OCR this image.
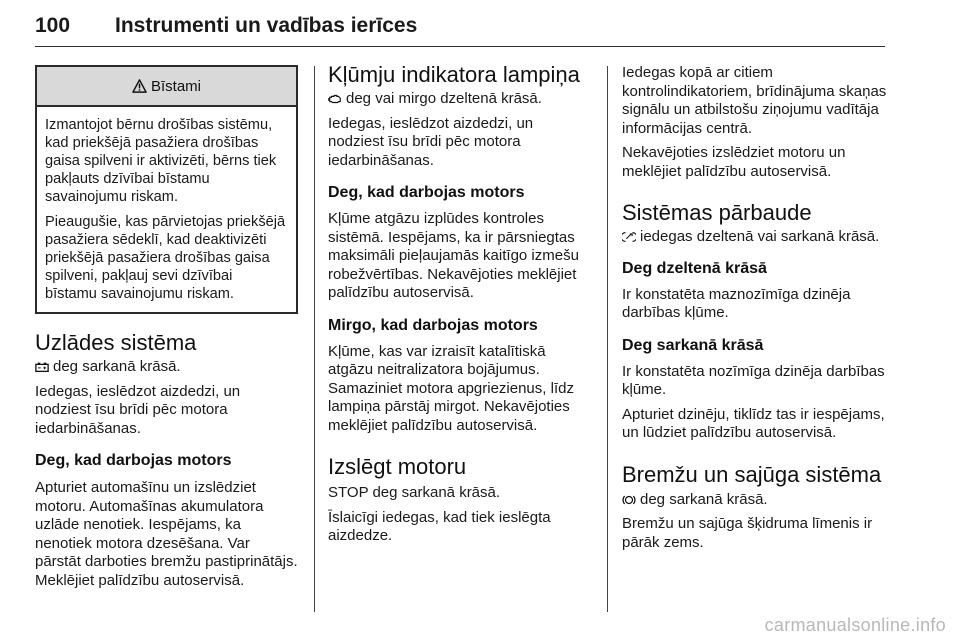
100 Instrumenti un vadības ierīces
Bīstami

Izmantojot bērnu drošības sistēmu, kad priekšējā pasažiera drošības gaisa spilveni ir aktivizēti, bērns tiek pakļauts dzīvībai bīstamu savainojumu riskam.

Pieaugušie, kas pārvietojas priekšējā pasažiera sēdeklī, kad deaktivizēti priekšējā pasažiera drošības gaisa spilveni, pakļauj sevi dzīvībai bīstamu savainojumu riskam.

Uzlādes sistēma

deg sarkanā krāsā.

Iedegas, ieslēdzot aizdedzi, un nodziest īsu brīdi pēc motora iedarbināšanas.

Deg, kad darbojas motors

Apturiet automašīnu un izslēdziet motoru. Automašīnas akumulatora uzlāde nenotiek. Iespējams, ka nenotiek motora dzesēšana. Var pārstāt darboties bremžu pastiprinātājs. Meklējiet palīdzību autoservisā.

Kļūmju indikatora lampiņa

deg vai mirgo dzeltenā krāsā.

Iedegas, ieslēdzot aizdedzi, un nodziest īsu brīdi pēc motora iedarbināšanas.

Deg, kad darbojas motors

Kļūme atgāzu izplūdes kontroles sistēmā. Iespējams, ka ir pārsniegtas maksimāli pieļaujamās kaitīgo izmešu robežvērtības. Nekavējoties meklējiet palīdzību autoservisā.

Mirgo, kad darbojas motors

Kļūme, kas var izraisīt katalītiskā atgāzu neitralizatora bojājumus. Samaziniet motora apgriezienus, līdz lampiņa pārstāj mirgot. Nekavējoties meklējiet palīdzību autoservisā.

Izslēgt motoru

STOP deg sarkanā krāsā.

Īslaicīgi iedegas, kad tiek ieslēgta aizdedze.

Iedegas kopā ar citiem kontrolindikatoriem, brīdinājuma skaņas signālu un atbilstošu ziņojumu vadītāja informācijas centrā.

Nekavējoties izslēdziet motoru un meklējiet palīdzību autoservisā.

Sistēmas pārbaude

iedegas dzeltenā vai sarkanā krāsā.

Deg dzeltenā krāsā

Ir konstatēta maznozīmīga dzinēja darbības kļūme.

Deg sarkanā krāsā

Ir konstatēta nozīmīga dzinēja darbības kļūme.

Apturiet dzinēju, tiklīdz tas ir iespējams, un lūdziet palīdzību autoservisā.

Bremžu un sajūga sistēma

deg sarkanā krāsā.

Bremžu un sajūga šķidruma līmenis ir pārāk zems.

carmanualsonline.info
